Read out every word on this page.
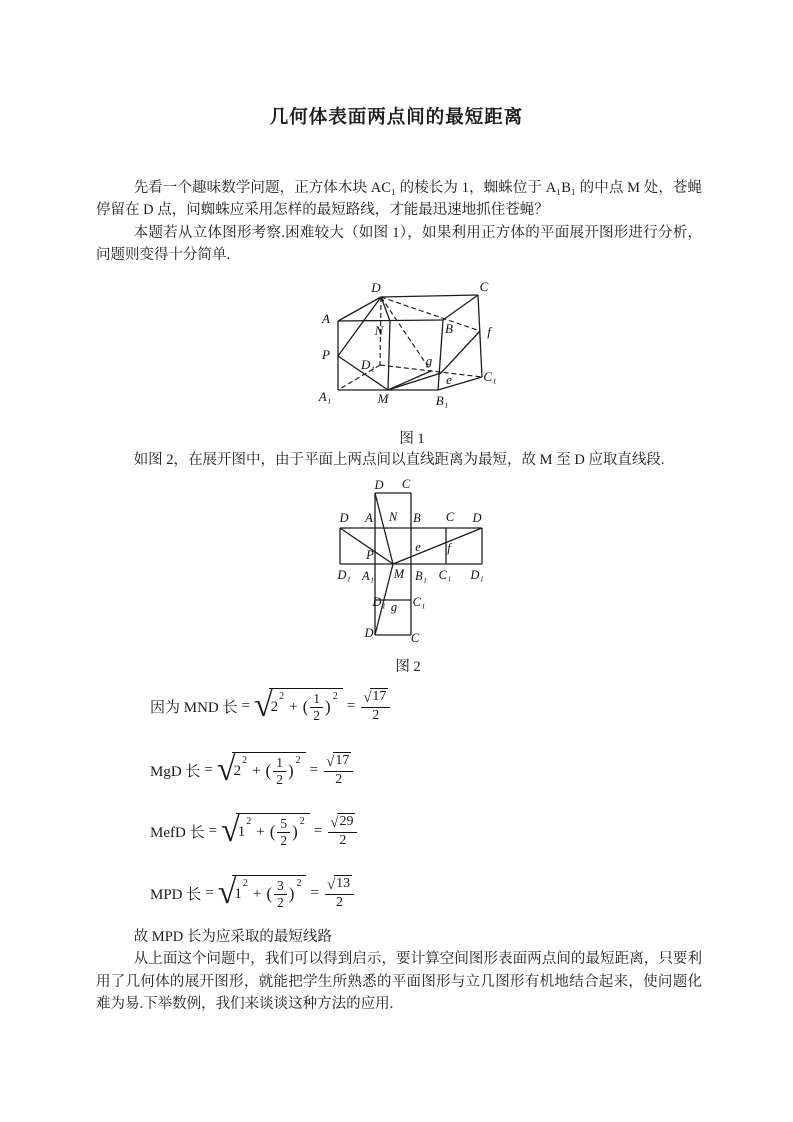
几何体表面两点间的最短距离

先看一个趣味数学问题，正方体木块 AC₁ 的棱长为 1，蜘蛛位于 A₁B₁ 的中点 M 处，苍蝇停留在 D 点，问蜘蛛应采用怎样的最短路线，才能最迅速地抓住苍蝇？

本题若从立体图形考察.困难较大（如图 1），如果利用正方体的平面展开图形进行分析，问题则变得十分简单.

D	C
A
B
N	f
P
D₁	g
e C₁
A₁	M	B₁
图 1

如图 2，在展开图中，由于平面上两点间以直线距离为最短，故 M 至 D 应取直线段.

D C
D A N B C D
P
e f
D₁ A₁ M B₁ C₁ D₁
D₁ g C₁
D	C
图 2
因为 MND 长 = √
2
$^2$
+ ( $\frac{1}{2}$ )
$^2$
= $\frac{√ 17}{2}$
MgD 长 = √
2
$^2$
+ ( $\frac{1}{2}$ )
$^2$
= $\frac{√ 17}{2}$
MefD 长 = √
1
$^2$
+ ( $\frac{5}{2}$ )
$^2$
= $\frac{√ 29}{2}$
MPD 长 = √
1
$^2$
+ ( $\frac{3}{2}$ )
$^2$
= $\frac{√ 13}{2}$

故 MPD 长为应采取的最短线路

从上面这个问题中，我们可以得到启示，要计算空间图形表面两点间的最短距离，只要利用了几何体的展开图形，就能把学生所熟悉的平面图形与立几图形有机地结合起来，使问题化难为易.下举数例，我们来谈谈这种方法的应用.
